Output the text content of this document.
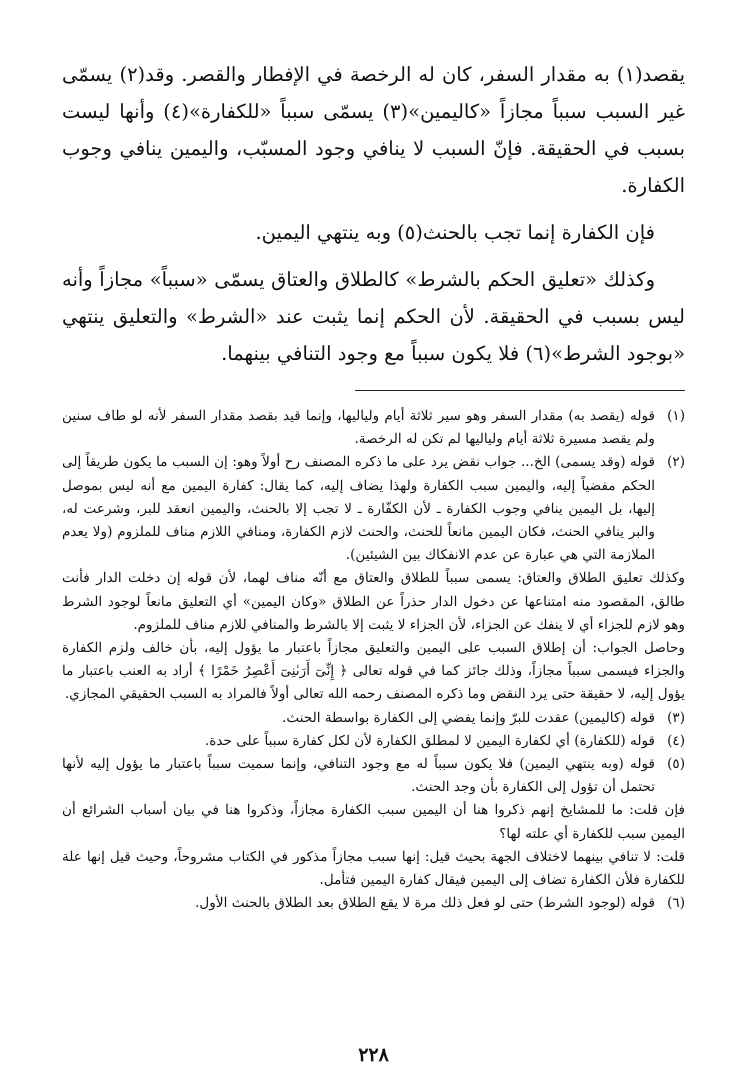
يقصد(١) به مقدار السفر، كان له الرخصة في الإفطار والقصر. وقد(٢) يسمّى غير السبب سبباً مجازاً «كاليمين»(٣) يسمّى سبباً «للكفارة»(٤) وأنها ليست بسبب في الحقيقة. فإنّ السبب لا ينافي وجود المسبّب، واليمين ينافي وجوب الكفارة.

فإن الكفارة إنما تجب بالحنث(٥) وبه ينتهي اليمين.

وكذلك «تعليق الحكم بالشرط» كالطلاق والعتاق يسمّى «سبباً» مجازاً وأنه ليس بسبب في الحقيقة. لأن الحكم إنما يثبت عند «الشرط» والتعليق ينتهي «بوجود الشرط»(٦) فلا يكون سبباً مع وجود التنافي بينهما.

(١)

قوله (يقصد به) مقدار السفر وهو سير ثلاثة أيام ولياليها، وإنما قيد بقصد مقدار السفر لأنه لو طاف سنين ولم يقصد مسيرة ثلاثة أيام ولياليها لم تكن له الرخصة.

(٢)

قوله (وقد يسمى) الخ... جواب نقض يرد على ما ذكره المصنف رح أولاً وهو: إن السبب ما يكون طريقاً إلى الحكم مفضياً إليه، واليمين سبب الكفارة ولهذا يضاف إليه، كما يقال: كفارة اليمين مع أنه ليس بموصل إليها، بل اليمين ينافي وجوب الكفارة ـ لأن الكفّارة ـ لا تجب إلا بالحنث، واليمين انعقد للبر، وشرعت له، والبر ينافي الحنث، فكان اليمين مانعاً للحنث، والحنث لازم الكفارة، ومنافي اللازم مناف للملزوم (ولا يعدم الملازمة التي هي عبارة عن عدم الانفكاك بين الشيئين).

وكذلك تعليق الطلاق والعتاق: يسمى سبباً للطلاق والعتاق مع أنّه مناف لهما، لأن قوله إن دخلت الدار فأنت طالق، المقصود منه امتناعها عن دخول الدار حذراً عن الطلاق «وكان اليمين» أي التعليق مانعاً لوجود الشرط وهو لازم للجزاء أي لا ينفك عن الجزاء، لأن الجزاء لا يثبت إلا بالشرط والمنافي للازم مناف للملزوم.

وحاصل الجواب: أن إطلاق السبب على اليمين والتعليق مجازاً باعتبار ما يؤول إليه، بأن خالف ولزم الكفارة والجزاء فيسمى سبباً مجازاً، وذلك جائز كما في قوله تعالى ﴿ إِنِّىٓ أَرَىٰنِىٓ أَعْصِرُ خَمْرًا ﴾ أراد به العنب باعتبار ما يؤول إليه، لا حقيقة حتى يرد النقض وما ذكره المصنف رحمه الله تعالى أولاً فالمراد به السبب الحقيقي المجازي.

(٣)

قوله (كاليمين) عقدت للبرّ وإنما يفضي إلى الكفارة بواسطة الحنث.

(٤)

قوله (للكفارة) أي لكفارة اليمين لا لمطلق الكفارة لأن لكل كفارة سبباً على حدة.

(٥)

قوله (وبه ينتهي اليمين) فلا يكون سبباً له مع وجود التنافي، وإنما سميت سبباً باعتبار ما يؤول إليه لأنها تحتمل أن تؤول إلى الكفارة بأن وجد الحنث.

فإن قلت: ما للمشايخ إنهم ذكروا هنا أن اليمين سبب الكفارة مجازاً، وذكروا هنا في بيان أسباب الشرائع أن اليمين سبب للكفارة أي علته لها؟

قلت: لا تنافي بينهما لاختلاف الجهة بحيث قيل: إنها سبب مجازاً مذكور في الكتاب مشروحاً، وحيث قيل إنها علة للكفارة فلأن الكفارة تضاف إلى اليمين فيقال كفارة اليمين فتأمل.

(٦)

قوله (لوجود الشرط) حتى لو فعل ذلك مرة لا يقع الطلاق بعد الطلاق بالحنث الأول.

٢٢٨
